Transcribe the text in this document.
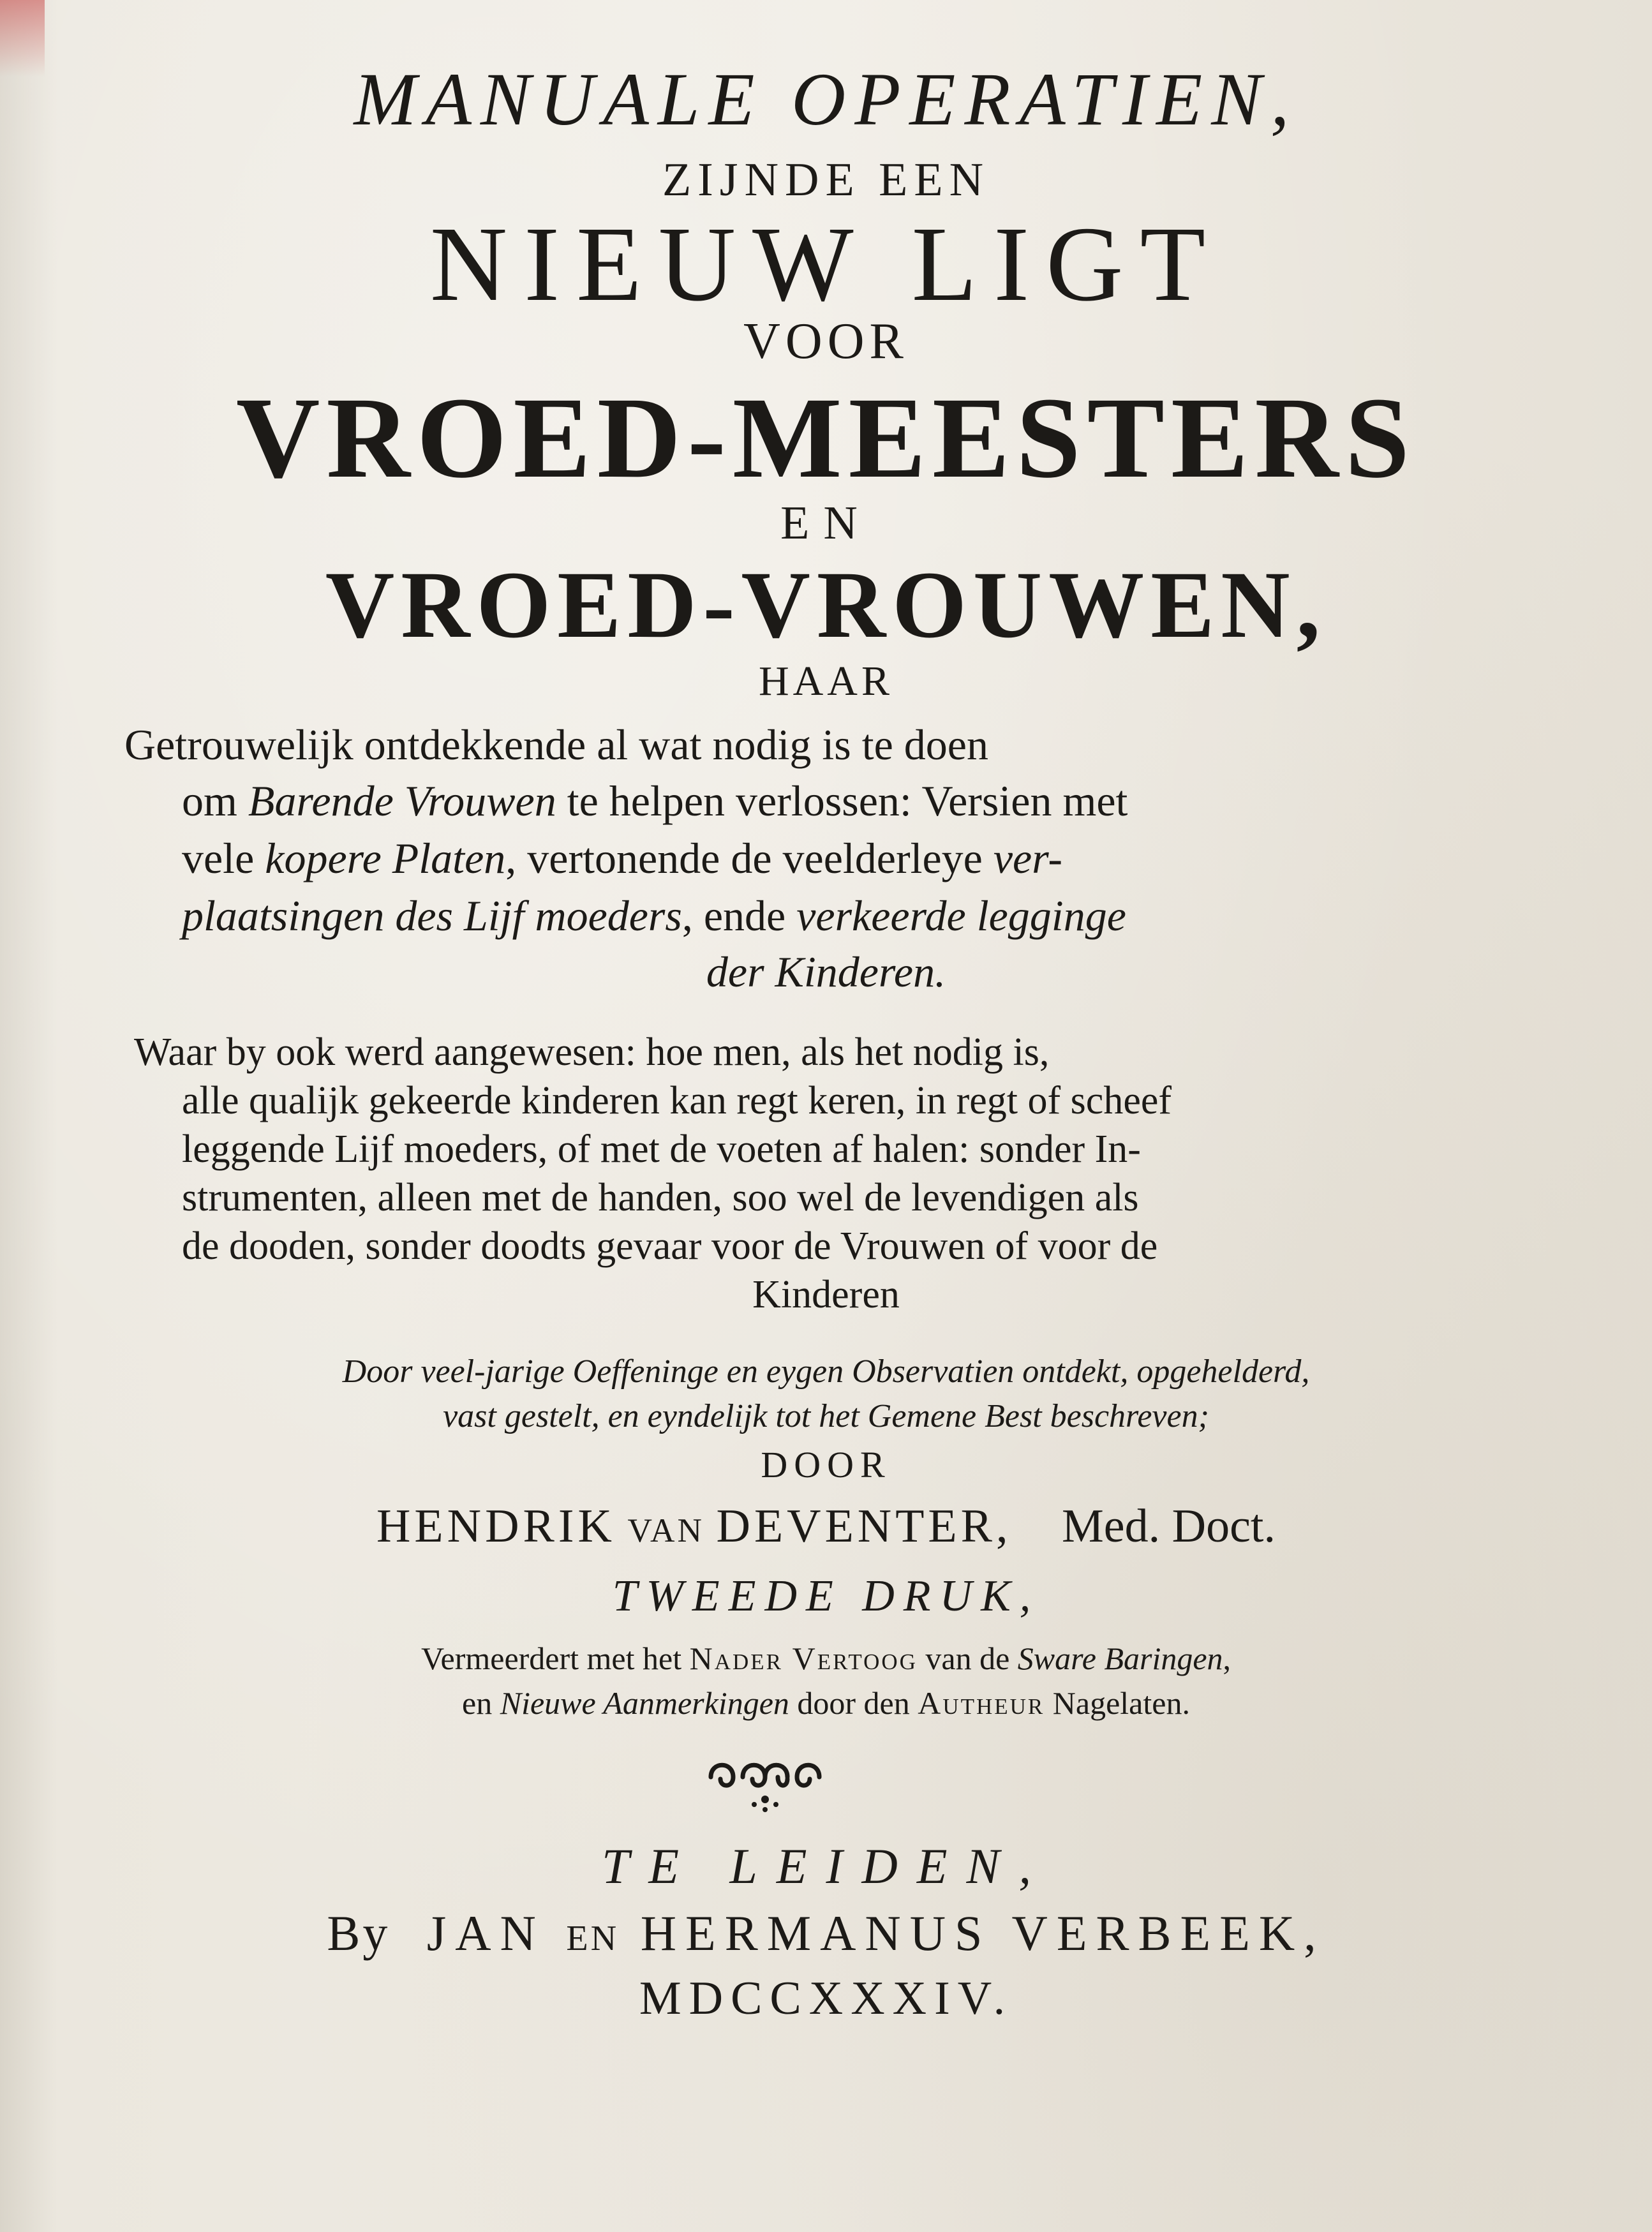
MANUALE OPERATIEN,
ZIJNDE EEN
NIEUW LIGT
VOOR
VROED-MEESTERS
EN
VROED-VROUWEN,
HAAR
Getrouwelijk ontdekkende al wat nodig is te doen
om Barende Vrouwen te helpen verlossen: Versien met
vele kopere Platen, vertonende de veelderleye ver-
plaatsingen des Lijf moeders, ende verkeerde legginge
der Kinderen.
Waar by ook werd aangewesen: hoe men, als het nodig is,
alle qualijk gekeerde kinderen kan regt keren, in regt of scheef
leggende Lijf moeders, of met de voeten af halen: sonder In-
strumenten, alleen met de handen, soo wel de levendigen als
de dooden, sonder doodts gevaar voor de Vrouwen of voor de
Kinderen
Door veel-jarige Oeffeninge en eygen Observatien ontdekt, opgehelderd,
vast gestelt, en eyndelijk tot het Gemene Best beschreven;
DOOR
HENDRIK VAN DEVENTER, Med. Doct.
TWEEDE DRUK,
Vermeerdert met het Nader Vertoog van de Sware Baringen,
en Nieuwe Aanmerkingen door den Autheur Nagelaten.
TE LEIDEN,
By JAN EN HERMANUS VERBEEK,
MDCCXXXIV.
